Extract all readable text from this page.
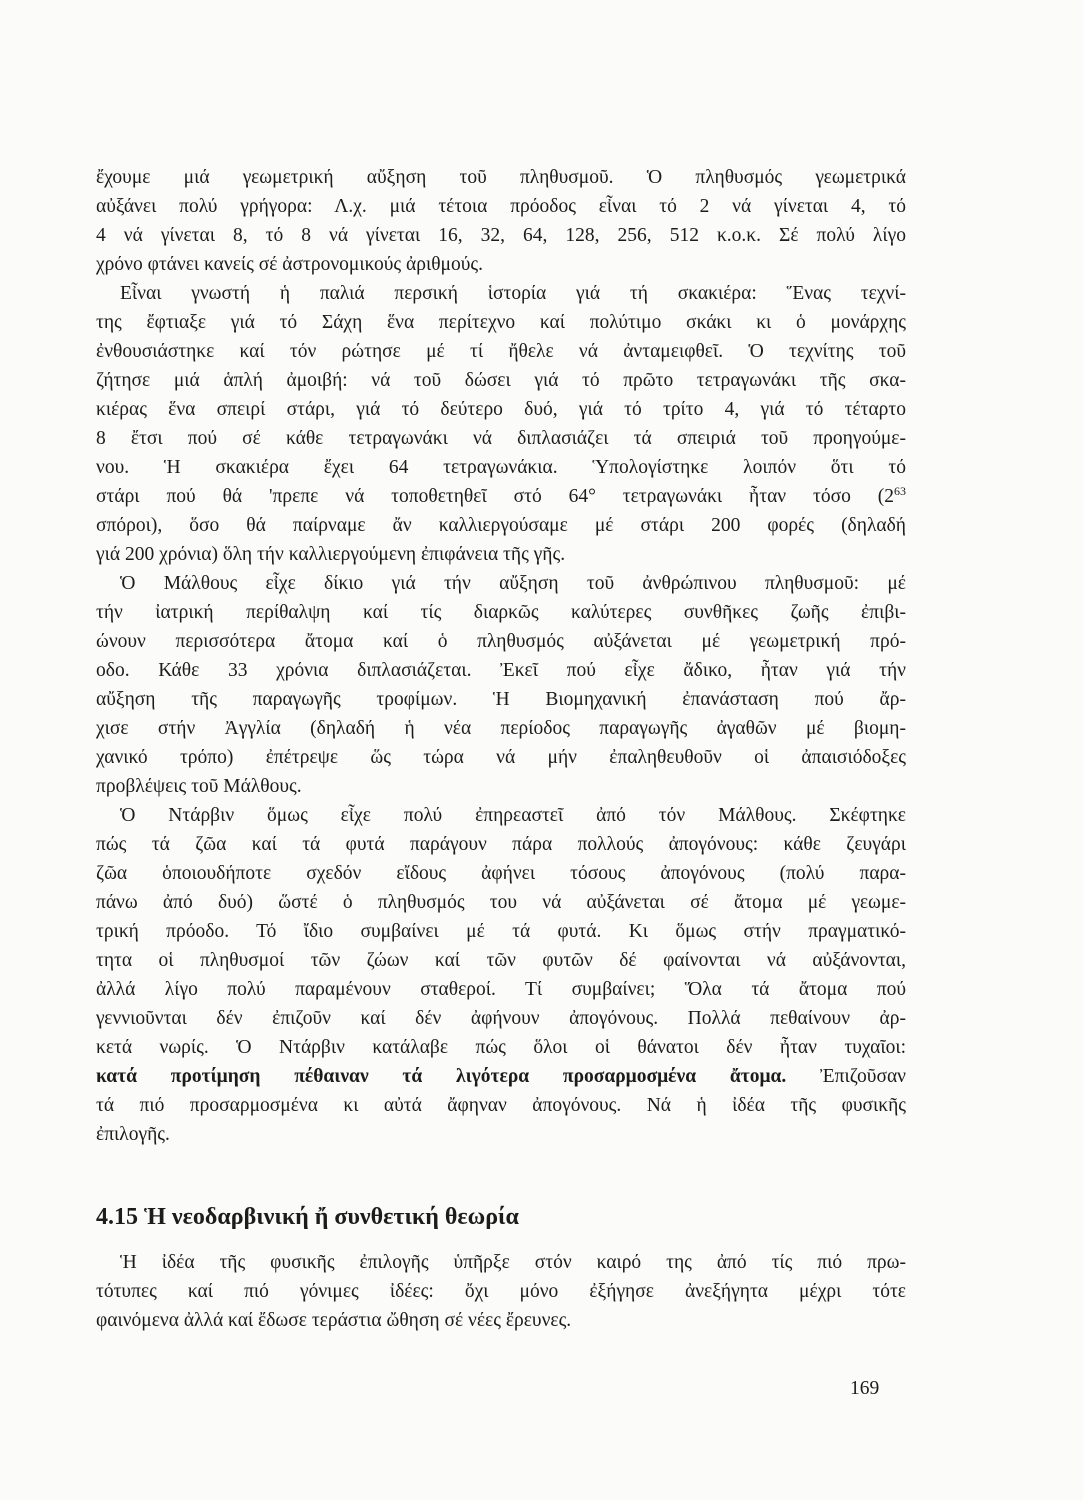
ἔχουμε μιά γεωμετρική αὔξηση τοῦ πληθυσμοῦ. Ὁ πληθυσμός γεωμετρικά
αὐξάνει πολύ γρήγορα: Λ.χ. μιά τέτοια πρόοδος εἶναι τό 2 νά γίνεται 4, τό
4 νά γίνεται 8, τό 8 νά γίνεται 16, 32, 64, 128, 256, 512 κ.ο.κ. Σέ πολύ λίγο
χρόνο φτάνει κανείς σέ ἀστρονομικούς ἀριθμούς.
Εἶναι γνωστή ἡ παλιά περσική ἱστορία γιά τή σκακιέρα: Ἕνας τεχνί-
της ἔφτιαξε γιά τό Σάχη ἕνα περίτεχνο καί πολύτιμο σκάκι κι ὁ μονάρχης
ἐνθουσιάστηκε καί τόν ρώτησε μέ τί ἤθελε νά ἀνταμειφθεῖ. Ὁ τεχνίτης τοῦ
ζήτησε μιά ἁπλή ἀμοιβή: νά τοῦ δώσει γιά τό πρῶτο τετραγωνάκι τῆς σκα-
κιέρας ἕνα σπειρί στάρι, γιά τό δεύτερο δυό, γιά τό τρίτο 4, γιά τό τέταρτο
8 ἔτσι πού σέ κάθε τετραγωνάκι νά διπλασιάζει τά σπειριά τοῦ προηγούμε-
νου. Ἡ σκακιέρα ἔχει 64 τετραγωνάκια. Ὑπολογίστηκε λοιπόν ὅτι τό
στάρι πού θά 'πρεπε νά τοποθετηθεῖ στό 64° τετραγωνάκι ἦταν τόσο ($2^{63}$
σπόροι), ὅσο θά παίρναμε ἄν καλλιεργούσαμε μέ στάρι 200 φορές (δηλαδή
γιά 200 χρόνια) ὅλη τήν καλλιεργούμενη ἐπιφάνεια τῆς γῆς.
Ὁ Μάλθους εἶχε δίκιο γιά τήν αὔξηση τοῦ ἀνθρώπινου πληθυσμοῦ: μέ
τήν ἰατρική περίθαλψη καί τίς διαρκῶς καλύτερες συνθῆκες ζωῆς ἐπιβι-
ώνουν περισσότερα ἄτομα καί ὁ πληθυσμός αὐξάνεται μέ γεωμετρική πρό-
οδο. Κάθε 33 χρόνια διπλασιάζεται. Ἐκεῖ πού εἶχε ἄδικο, ἦταν γιά τήν
αὔξηση τῆς παραγωγῆς τροφίμων. Ἡ Βιομηχανική ἐπανάσταση πού ἄρ-
χισε στήν Ἀγγλία (δηλαδή ἡ νέα περίοδος παραγωγῆς ἀγαθῶν μέ βιομη-
χανικό τρόπο) ἐπέτρεψε ὥς τώρα νά μήν ἐπαληθευθοῦν οἱ ἀπαισιόδοξες
προβλέψεις τοῦ Μάλθους.
Ὁ Ντάρβιν ὅμως εἶχε πολύ ἐπηρεαστεῖ ἀπό τόν Μάλθους. Σκέφτηκε
πώς τά ζῶα καί τά φυτά παράγουν πάρα πολλούς ἀπογόνους: κάθε ζευγάρι
ζῶα ὁποιουδήποτε σχεδόν εἴδους ἀφήνει τόσους ἀπογόνους (πολύ παρα-
πάνω ἀπό δυό) ὥστέ ὁ πληθυσμός του νά αὐξάνεται σέ ἄτομα μέ γεωμε-
τρική πρόοδο. Τό ἴδιο συμβαίνει μέ τά φυτά. Κι ὅμως στήν πραγματικό-
τητα οἱ πληθυσμοί τῶν ζώων καί τῶν φυτῶν δέ φαίνονται νά αὐξάνονται,
ἀλλά λίγο πολύ παραμένουν σταθεροί. Τί συμβαίνει; Ὅλα τά ἄτομα πού
γεννιοῦνται δέν ἐπιζοῦν καί δέν ἀφήνουν ἀπογόνους. Πολλά πεθαίνουν ἀρ-
κετά νωρίς. Ὁ Ντάρβιν κατάλαβε πώς ὅλοι οἱ θάνατοι δέν ἦταν τυχαῖοι:
κατά προτίμηση πέθαιναν τά λιγότερα προσαρμοσμένα ἄτομα. Ἐπιζοῦσαν
τά πιό προσαρμοσμένα κι αὐτά ἄφηναν ἀπογόνους. Νά ἡ ἰδέα τῆς φυσικῆς
ἐπιλογῆς.
4.15 Ἡ νεοδαρβινική ἤ συνθετική θεωρία
Ἡ ἰδέα τῆς φυσικῆς ἐπιλογῆς ὑπῆρξε στόν καιρό της ἀπό τίς πιό πρω-
τότυπες καί πιό γόνιμες ἰδέες: ὄχι μόνο ἐξήγησε ἀνεξήγητα μέχρι τότε
φαινόμενα ἀλλά καί ἔδωσε τεράστια ὤθηση σέ νέες ἔρευνες.
169
